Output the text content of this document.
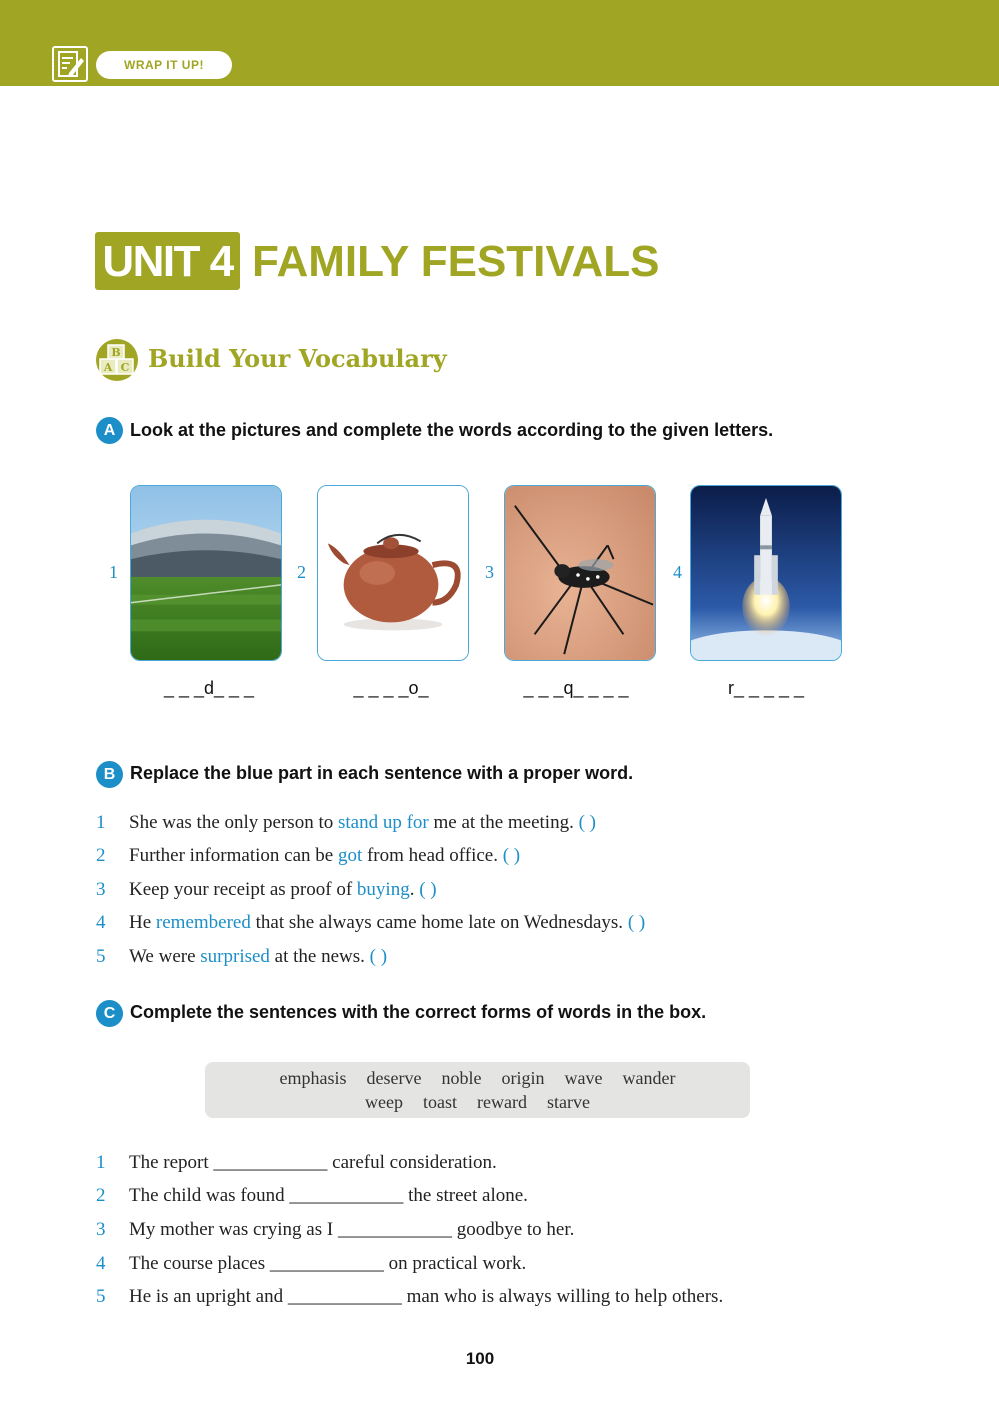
WRAP IT UP!
UNIT 4 FAMILY FESTIVALS
B
A C Build Your Vocabulary
A Look at the pictures and complete the words according to the given letters.
1
_ _ _d_ _ _
2
_ _ _ _o_
3
_ _ _q_ _ _ _
4
r_ _ _ _ _
B Replace the blue part in each sentence with a proper word.
1 She was the only person to stand up for me at the meeting. ( )
2 Further information can be got from head office. ( )
3 Keep your receipt as proof of buying. ( )
4 He remembered that she always came home late on Wednesdays. ( )
5 We were surprised at the news. ( )
C Complete the sentences with the correct forms of words in the box.
emphasis deserve noble origin wave wander
weep toast reward starve
1 The report ____________ careful consideration.
2 The child was found ____________ the street alone.
3 My mother was crying as I ____________ goodbye to her.
4 The course places ____________ on practical work.
5 He is an upright and ____________ man who is always willing to help others.
100
